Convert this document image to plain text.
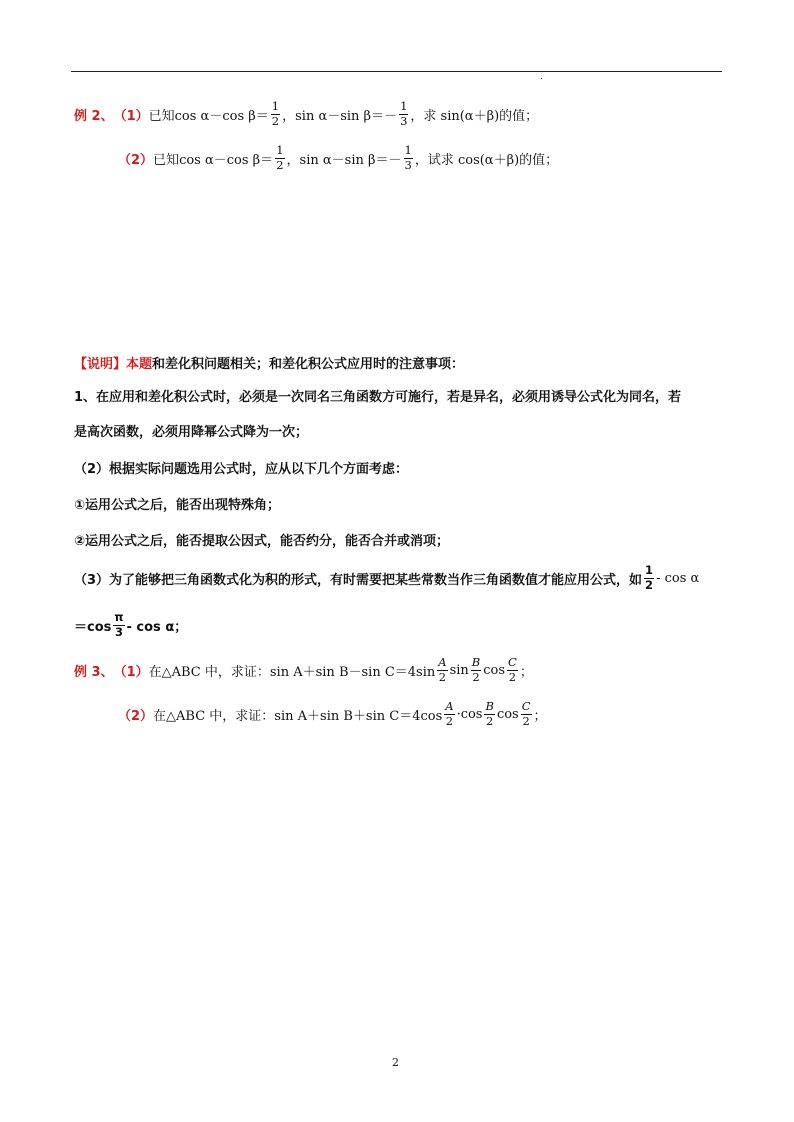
.
例 2、 （1） 已知 cos α－cos $\beta= \frac{1}{2}$ ， sin α－sin $\beta=- \frac{1}{3}$ ，求 sin(α＋β)的值；
（2） 已知 cos α－cos $\beta= \frac{1}{2}$ ， sin α－sin $\beta=- \frac{1}{3}$ ，试求 cos(α＋β)的值；
【说明】本题 和差化积问题相关；和差化积公式应用时的注意事项：
1、在应用和差化积公式时，必须是一次同名三角函数方可施行，若是异名，必须用诱导公式化为同名，若
是高次函数，必须用降幂公式降为一次；
（2）根据实际问题选用公式时，应从以下几个方面考虑：
①运用公式之后，能否出现特殊角；
②运用公式之后，能否提取公因式，能否约分，能否合并或消项；
（3）为了能够把三角函数式化为积的形式，有时需要把某些常数当作三角函数值才能应用公式，如 $\frac{1}{2}$ - cos α
$=\cos \frac{\pi}{3} - \cos \alpha$；
例 3、 （1） 在△ABC 中，求证：sin A＋sin B－sin $C=4\sin \frac{A}{2}$ $\sin \frac{B}{2}$ $\cos \frac{C}{2}$ ；
（2） 在△ABC 中，求证：sin A＋sin B＋sin $C=4\cos \frac{A}{2} \cdot\cos \frac{B}{2}$ $\cos \frac{C}{2}$ ；
2
